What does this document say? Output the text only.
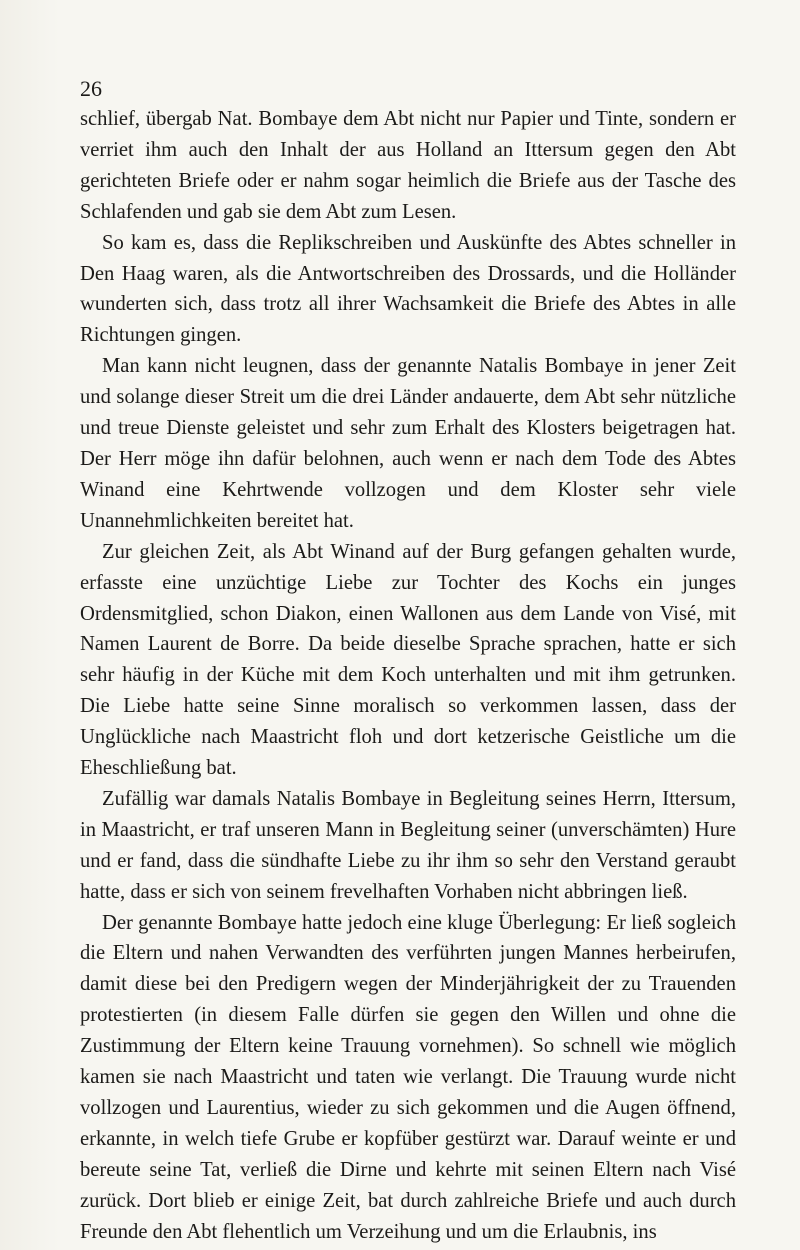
26

schlief, übergab Nat. Bombaye dem Abt nicht nur Papier und Tinte, sondern er verriet ihm auch den Inhalt der aus Holland an Ittersum gegen den Abt gerichteten Briefe oder er nahm sogar heimlich die Briefe aus der Tasche des Schlafenden und gab sie dem Abt zum Lesen.

So kam es, dass die Replikschreiben und Auskünfte des Abtes schneller in Den Haag waren, als die Antwortschreiben des Drossards, und die Holländer wunderten sich, dass trotz all ihrer Wachsamkeit die Briefe des Abtes in alle Richtungen gingen.

Man kann nicht leugnen, dass der genannte Natalis Bombaye in jener Zeit und solange dieser Streit um die drei Länder andauerte, dem Abt sehr nützliche und treue Dienste geleistet und sehr zum Erhalt des Klosters beigetragen hat. Der Herr möge ihn dafür belohnen, auch wenn er nach dem Tode des Abtes Winand eine Kehrtwende vollzogen und dem Kloster sehr viele Unannehmlichkeiten bereitet hat.

Zur gleichen Zeit, als Abt Winand auf der Burg gefangen gehalten wurde, erfasste eine unzüchtige Liebe zur Tochter des Kochs ein junges Ordensmitglied, schon Diakon, einen Wallonen aus dem Lande von Visé, mit Namen Laurent de Borre. Da beide dieselbe Sprache sprachen, hatte er sich sehr häufig in der Küche mit dem Koch unterhalten und mit ihm getrunken. Die Liebe hatte seine Sinne moralisch so verkommen lassen, dass der Unglückliche nach Maastricht floh und dort ketzerische Geistliche um die Eheschließung bat.

Zufällig war damals Natalis Bombaye in Begleitung seines Herrn, Ittersum, in Maastricht, er traf unseren Mann in Begleitung seiner (unverschämten) Hure und er fand, dass die sündhafte Liebe zu ihr ihm so sehr den Verstand geraubt hatte, dass er sich von seinem frevelhaften Vorhaben nicht abbringen ließ.

Der genannte Bombaye hatte jedoch eine kluge Überlegung: Er ließ sogleich die Eltern und nahen Verwandten des verführten jungen Mannes herbeirufen, damit diese bei den Predigern wegen der Minderjährigkeit der zu Trauenden protestierten (in diesem Falle dürfen sie gegen den Willen und ohne die Zustimmung der Eltern keine Trauung vornehmen). So schnell wie möglich kamen sie nach Maastricht und taten wie verlangt. Die Trauung wurde nicht vollzogen und Laurentius, wieder zu sich gekommen und die Augen öffnend, erkannte, in welch tiefe Grube er kopfüber gestürzt war. Darauf weinte er und bereute seine Tat, verließ die Dirne und kehrte mit seinen Eltern nach Visé zurück. Dort blieb er einige Zeit, bat durch zahlreiche Briefe und auch durch Freunde den Abt flehentlich um Verzeihung und um die Erlaubnis, ins
